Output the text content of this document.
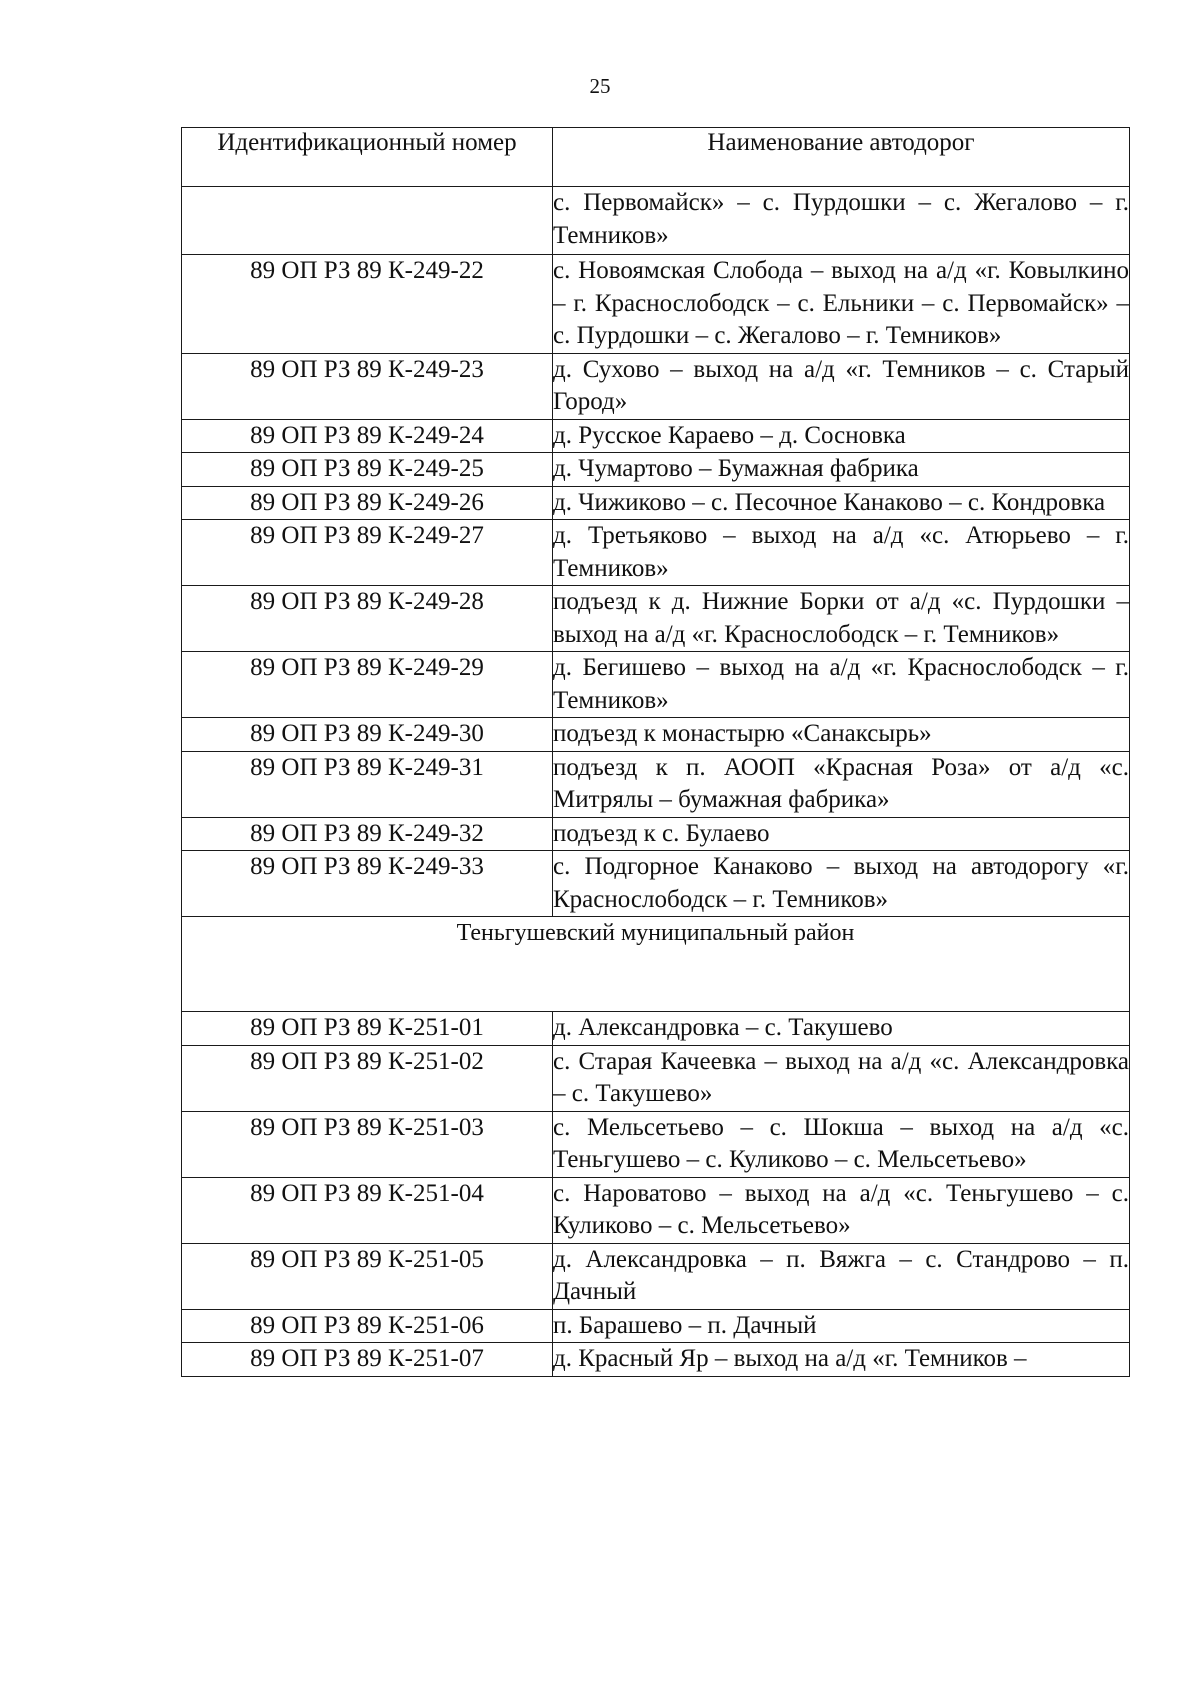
25
Идентификационный номер	Наименование автодорог
	с. Первомайск» – с. Пурдошки – с. Жегалово – г. Темников»
89 ОП РЗ 89 К-249-22	с. Новоямская Слобода – выход на а/д «г. Ковылкино – г. Краснослободск – с. Ельники – с. Первомайск» – с. Пурдошки – с. Жегалово – г. Темников»
89 ОП РЗ 89 К-249-23	д. Сухово – выход на а/д «г. Темников – с. Старый Город»
89 ОП РЗ 89 К-249-24	д. Русское Караево – д. Сосновка
89 ОП РЗ 89 К-249-25	д. Чумартово – Бумажная фабрика
89 ОП РЗ 89 К-249-26	д. Чижиково – с. Песочное Канаково – с. Кондровка
89 ОП РЗ 89 К-249-27	д. Третьяково – выход на а/д «с. Атюрьево – г. Темников»
89 ОП РЗ 89 К-249-28	подъезд к д. Нижние Борки от а/д «с. Пурдошки – выход на а/д «г. Краснослободск – г. Темников»
89 ОП РЗ 89 К-249-29	д. Бегишево – выход на а/д «г. Краснослободск – г. Темников»
89 ОП РЗ 89 К-249-30	подъезд к монастырю «Санаксырь»
89 ОП РЗ 89 К-249-31	подъезд к п. АООП «Красная Роза» от а/д «с. Митрялы – бумажная фабрика»
89 ОП РЗ 89 К-249-32	подъезд к с. Булаево
89 ОП РЗ 89 К-249-33	с. Подгорное Канаково – выход на автодорогу «г. Краснослободск – г. Темников»
Теньгушевский муниципальный район	
89 ОП РЗ 89 К-251-01	д. Александровка – с. Такушево
89 ОП РЗ 89 К-251-02	с. Старая Качеевка – выход на а/д «с. Александровка – с. Такушево»
89 ОП РЗ 89 К-251-03	с. Мельсетьево – с. Шокша – выход на а/д «с. Теньгушево – с. Куликово – с. Мельсетьево»
89 ОП РЗ 89 К-251-04	с. Нароватово – выход на а/д «с. Теньгушево – с. Куликово – с. Мельсетьево»
89 ОП РЗ 89 К-251-05	д. Александровка – п. Вяжга – с. Стандрово – п. Дачный
89 ОП РЗ 89 К-251-06	п. Барашево – п. Дачный
89 ОП РЗ 89 К-251-07	д. Красный Яр – выход на а/д «г. Темников –
